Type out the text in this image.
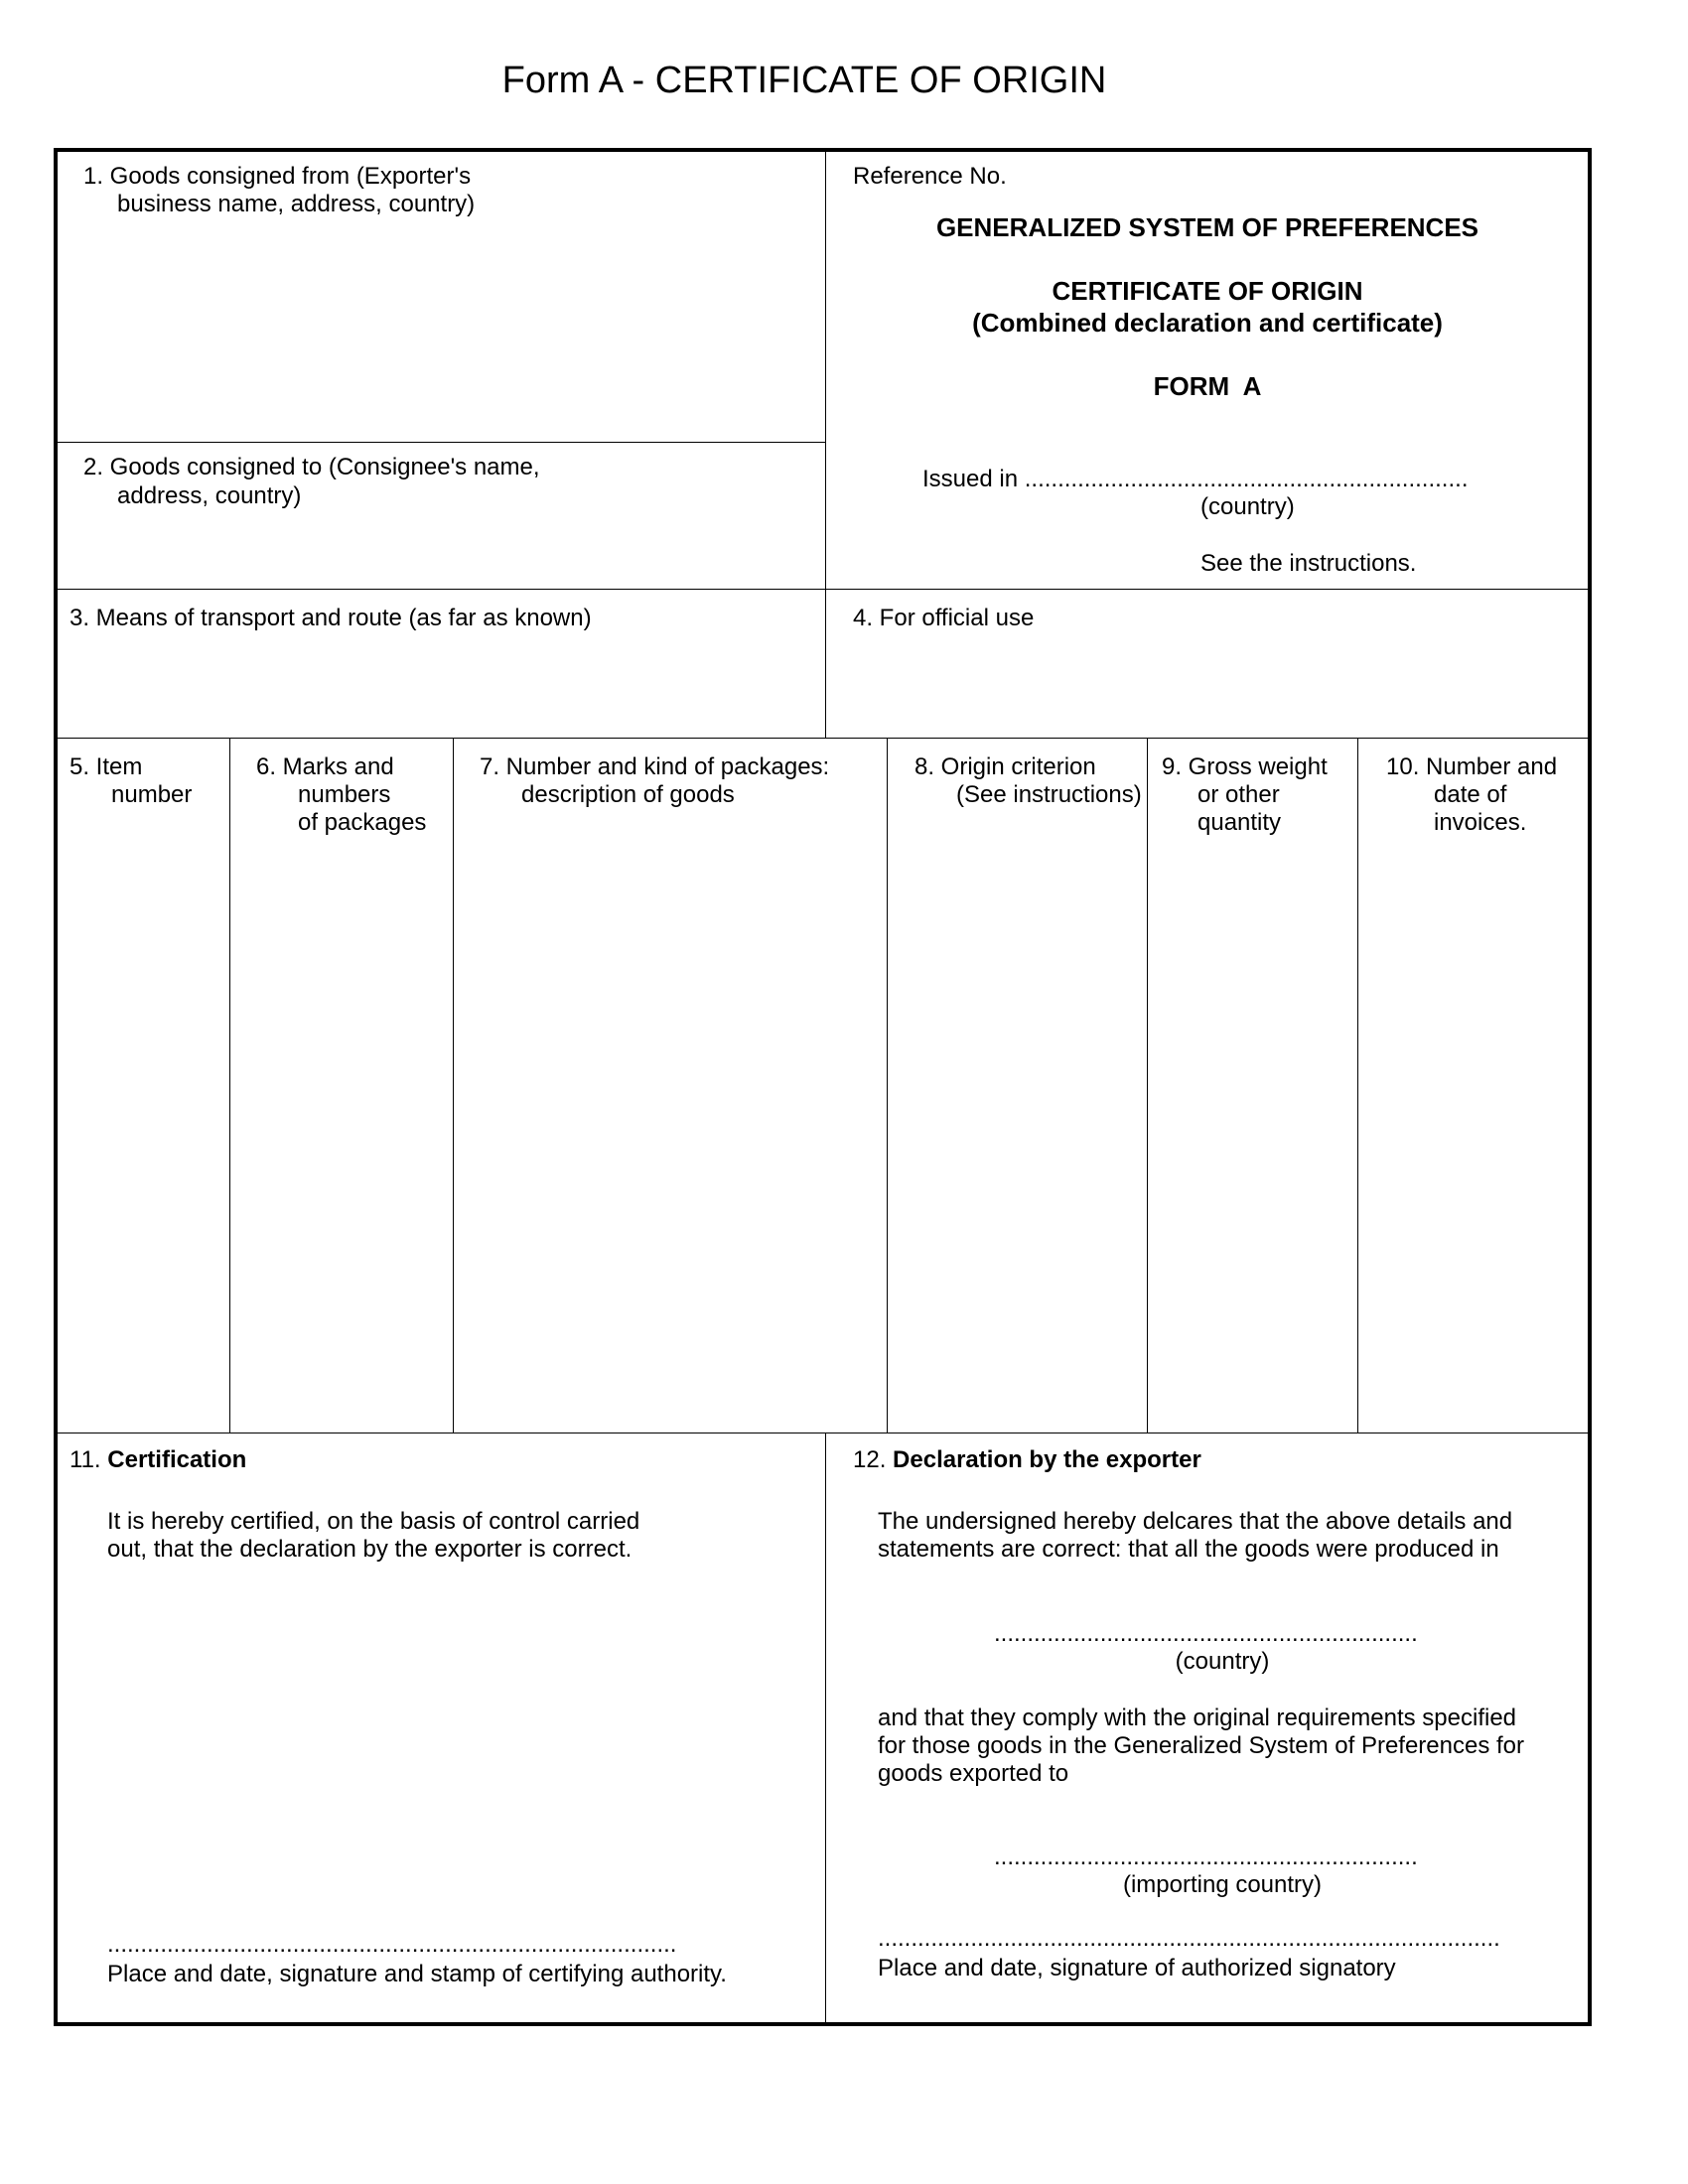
Form A - CERTIFICATE OF ORIGIN
1. Goods consigned from (Exporter's
business name, address, country)
2. Goods consigned to (Consignee's name,
address, country)
Reference No.
GENERALIZED SYSTEM OF PREFERENCES
CERTIFICATE OF ORIGIN
(Combined declaration and certificate)
FORM  A
Issued in ...................................................................
(country)
See the instructions.
3. Means of transport and route (as far as known)	4. For official use
5. Item
number
6. Marks and
numbers
of packages
7. Number and kind of packages:
description of goods
8. Origin criterion
(See instructions)
9. Gross weight
or other
quantity
10. Number and
date of
invoices.
11. Certification
It is hereby certified, on the basis of control carried
out, that the declaration by the exporter is correct.
......................................................................................
Place and date, signature and stamp of certifying authority.
12. Declaration by the exporter
The undersigned hereby delcares that the above details and
statements are correct: that all the goods were produced in
................................................................
(country)
and that they comply with the original requirements specified
for those goods in the Generalized System of Preferences for
goods exported to
................................................................
(importing country)
..............................................................................................
Place and date, signature of authorized signatory
